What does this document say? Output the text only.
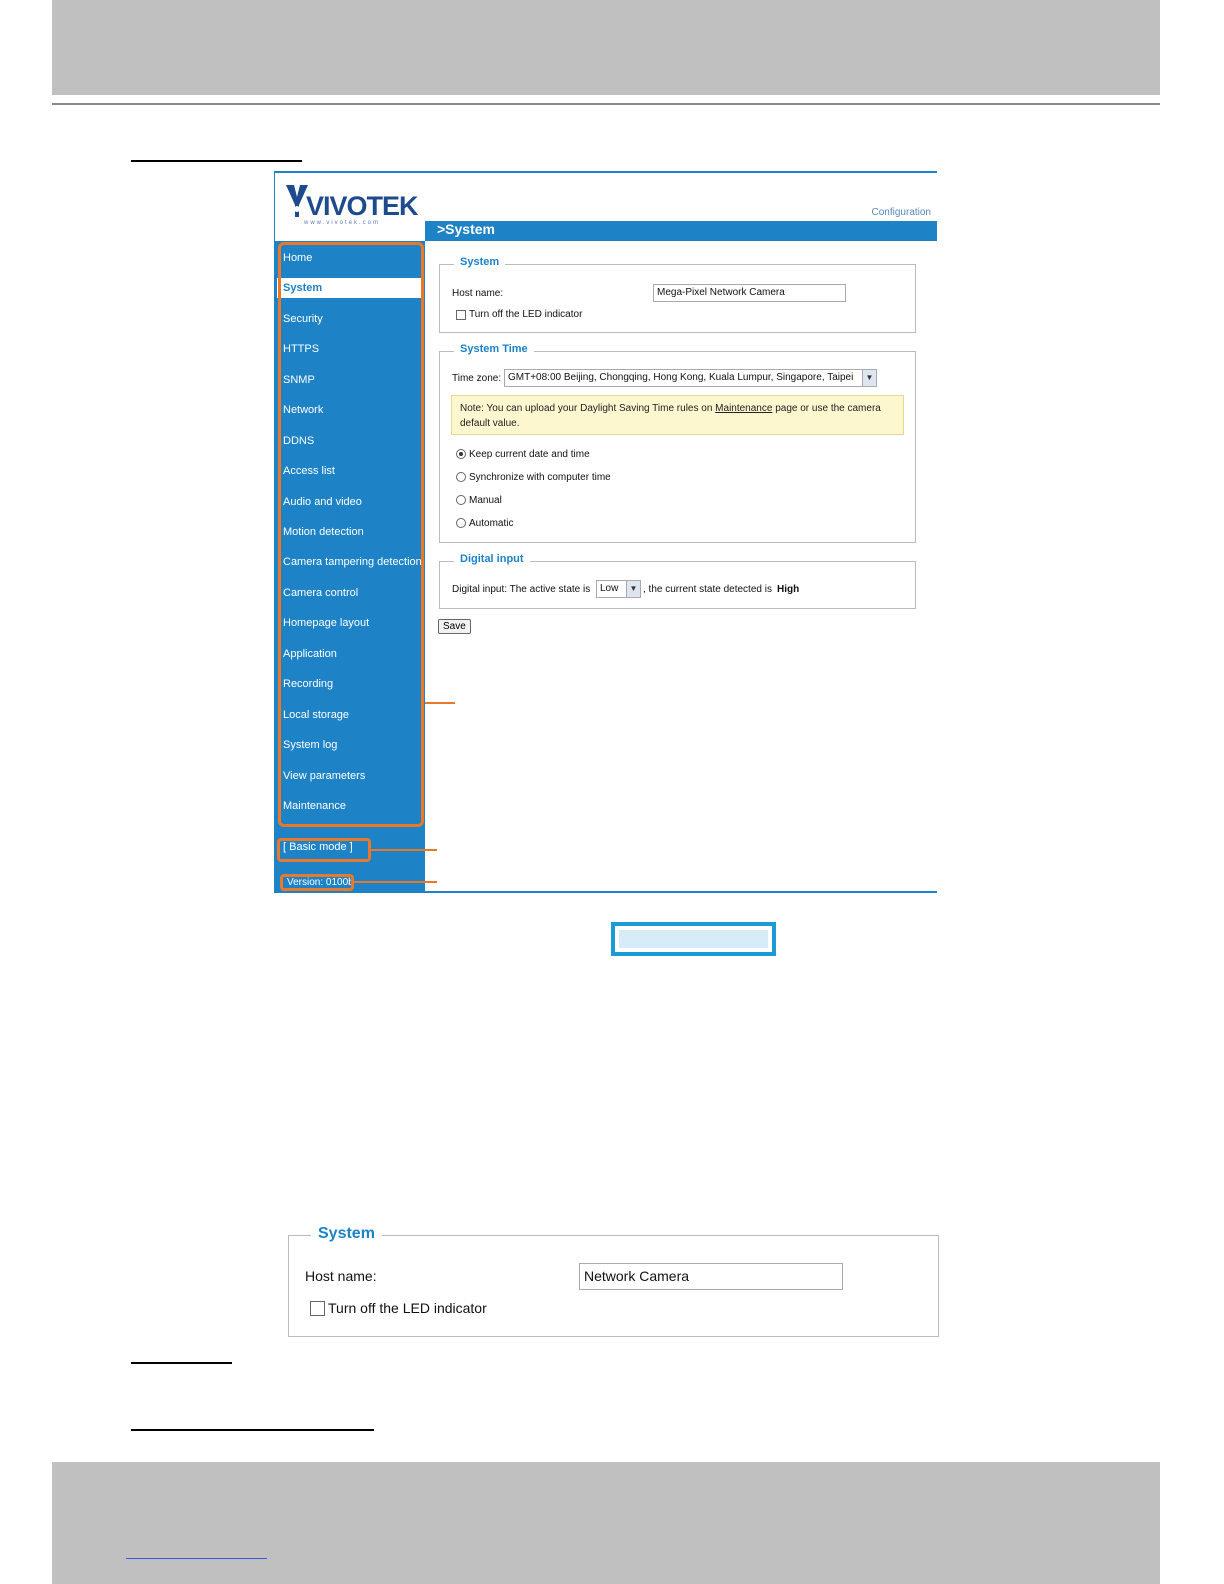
VIVOTEK
www.vivotek.com
Configuration
>System
Home
System
Security
HTTPS
SNMP
Network
DDNS
Access list
Audio and video
Motion detection
Camera tampering detection
Camera control
Homepage layout
Application
Recording
Local storage
System log
View parameters
Maintenance
[ Basic mode ]
Version: 0100b
System
Host name:	Mega-Pixel Network Camera
Turn off the LED indicator
System Time
Time zone: GMT+08:00 Beijing, Chongqing, Hong Kong, Kuala Lumpur, Singapore, Taipei	▼
Note: You can upload your Daylight Saving Time rules on Maintenance page or use the camera default value.
Keep current date and time
Synchronize with computer time
Manual
Automatic
Digital input
Digital input: The active state is Low	▼ , the current state detected is High
Save
System
Host name:	Network Camera
Turn off the LED indicator
